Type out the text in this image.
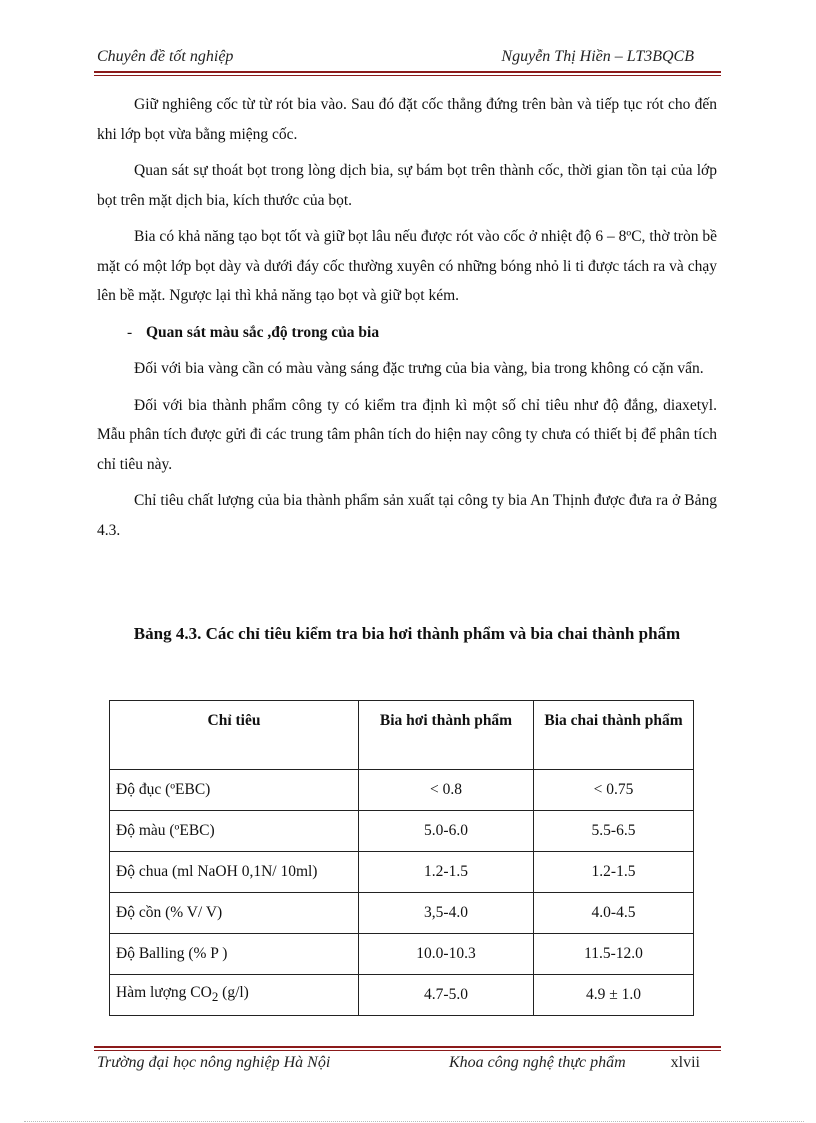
Chuyên đề tốt nghiệp	Nguyễn Thị Hiền – LT3BQCB

Giữ nghiêng cốc từ từ rót bia vào. Sau đó đặt cốc thẳng đứng trên bàn và tiếp tục rót cho đến khi lớp bọt vừa bằng miệng cốc.

Quan sát sự thoát bọt trong lòng dịch bia, sự bám bọt trên thành cốc, thời gian tồn tại của lớp bọt trên mặt dịch bia, kích thước của bọt.

Bia có khả năng tạo bọt tốt và giữ bọt lâu nếu được rót vào cốc ở nhiệt độ 6 – 8ºC, thờ tròn bề mặt có một lớp bọt dày và dưới đáy cốc thường xuyên có những bóng nhỏ li ti được tách ra và chạy lên bề mặt. Ngược lại thì khả năng tạo bọt và giữ bọt kém.

- Quan sát màu sắc ,độ trong của bia

Đối với bia vàng cần có màu vàng sáng đặc trưng của bia vàng, bia trong không có cặn vẩn.

Đối với bia thành phẩm công ty có kiểm tra định kì một số chỉ tiêu như độ đắng, diaxetyl. Mẫu phân tích được gửi đi các trung tâm phân tích do hiện nay công ty chưa có thiết bị để phân tích chỉ tiêu này.

Chỉ tiêu chất lượng của bia thành phẩm sản xuất tại công ty bia An Thịnh được đưa ra ở Bảng 4.3.

Bảng 4.3. Các chỉ tiêu kiểm tra bia hơi thành phẩm và bia chai thành phẩm
Chỉ tiêu	Bia hơi thành phẩm	Bia chai thành phẩm
Độ đục (ºEBC)	< 0.8	< 0.75
Độ màu (ºEBC)	5.0-6.0	5.5-6.5
Độ chua (ml NaOH 0,1N/ 10ml)	1.2-1.5	1.2-1.5
Độ cồn (% V/ V)	3,5-4.0	4.0-4.5
Độ Balling (% P )	10.0-10.3	11.5-12.0
Hàm lượng $CO_2$ (g/l)	4.7-5.0	4.9 ± 1.0
Trường đại học nông nghiệp Hà Nội	Khoa công nghệ thực phẩm	xlvii
